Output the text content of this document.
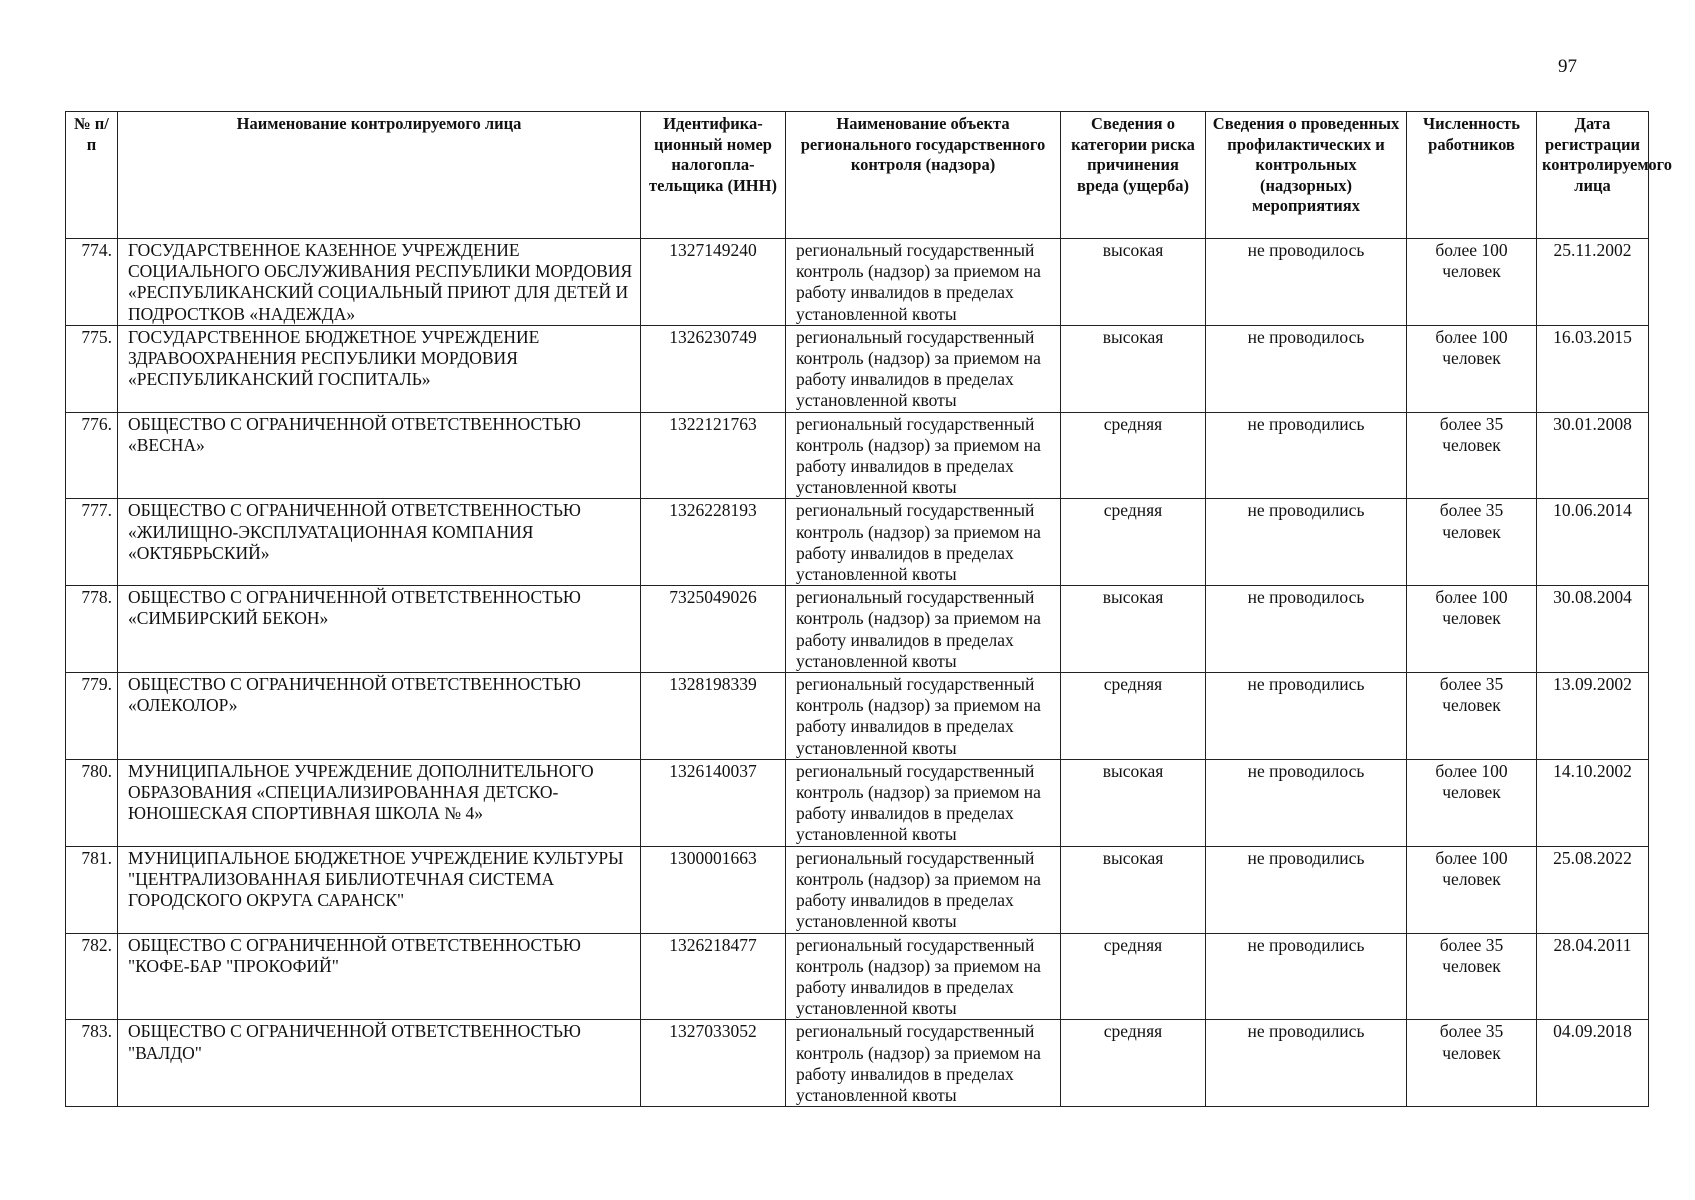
97
№ п/п	Наименование контролируемого лица	Идентифика-ционный номер налогопла-тельщика (ИНН)	Наименование объекта регионального государственного контроля (надзора)	Сведения о категории риска причинения вреда (ущерба)	Сведения о проведенных профилактических и контрольных (надзорных) мероприятиях	Численность работников	Дата регистрации контролируемого лица
774.	ГОСУДАРСТВЕННОЕ КАЗЕННОЕ УЧРЕЖДЕНИЕ СОЦИАЛЬНОГО ОБСЛУЖИВАНИЯ РЕСПУБЛИКИ МОРДОВИЯ «РЕСПУБЛИКАНСКИЙ СОЦИАЛЬНЫЙ ПРИЮТ ДЛЯ ДЕТЕЙ И ПОДРОСТКОВ «НАДЕЖДА»	1327149240	региональный государственный контроль (надзор) за приемом на работу инвалидов в пределах установленной квоты	высокая	не проводилось	более 100 человек	25.11.2002
775.	ГОСУДАРСТВЕННОЕ БЮДЖЕТНОЕ УЧРЕЖДЕНИЕ ЗДРАВООХРАНЕНИЯ РЕСПУБЛИКИ МОРДОВИЯ «РЕСПУБЛИКАНСКИЙ ГОСПИТАЛЬ»	1326230749	региональный государственный контроль (надзор) за приемом на работу инвалидов в пределах установленной квоты	высокая	не проводилось	более 100 человек	16.03.2015
776.	ОБЩЕСТВО С ОГРАНИЧЕННОЙ ОТВЕТСТВЕННОСТЬЮ «ВЕСНА»	1322121763	региональный государственный контроль (надзор) за приемом на работу инвалидов в пределах установленной квоты	средняя	не проводились	более 35 человек	30.01.2008
777.	ОБЩЕСТВО С ОГРАНИЧЕННОЙ ОТВЕТСТВЕННОСТЬЮ «ЖИЛИЩНО-ЭКСПЛУАТАЦИОННАЯ КОМПАНИЯ «ОКТЯБРЬСКИЙ»	1326228193	региональный государственный контроль (надзор) за приемом на работу инвалидов в пределах установленной квоты	средняя	не проводились	более 35 человек	10.06.2014
778.	ОБЩЕСТВО С ОГРАНИЧЕННОЙ ОТВЕТСТВЕННОСТЬЮ «СИМБИРСКИЙ БЕКОН»	7325049026	региональный государственный контроль (надзор) за приемом на работу инвалидов в пределах установленной квоты	высокая	не проводилось	более 100 человек	30.08.2004
779.	ОБЩЕСТВО С ОГРАНИЧЕННОЙ ОТВЕТСТВЕННОСТЬЮ «ОЛЕКОЛОР»	1328198339	региональный государственный контроль (надзор) за приемом на работу инвалидов в пределах установленной квоты	средняя	не проводились	более 35 человек	13.09.2002
780.	МУНИЦИПАЛЬНОЕ УЧРЕЖДЕНИЕ ДОПОЛНИТЕЛЬНОГО ОБРАЗОВАНИЯ «СПЕЦИАЛИЗИРОВАННАЯ ДЕТСКО-ЮНОШЕСКАЯ СПОРТИВНАЯ ШКОЛА № 4»	1326140037	региональный государственный контроль (надзор) за приемом на работу инвалидов в пределах установленной квоты	высокая	не проводилось	более 100 человек	14.10.2002
781.	МУНИЦИПАЛЬНОЕ БЮДЖЕТНОЕ УЧРЕЖДЕНИЕ КУЛЬТУРЫ "ЦЕНТРАЛИЗОВАННАЯ БИБЛИОТЕЧНАЯ СИСТЕМА ГОРОДСКОГО ОКРУГА САРАНСК"	1300001663	региональный государственный контроль (надзор) за приемом на работу инвалидов в пределах установленной квоты	высокая	не проводились	более 100 человек	25.08.2022
782.	ОБЩЕСТВО С ОГРАНИЧЕННОЙ ОТВЕТСТВЕННОСТЬЮ "КОФЕ-БАР "ПРОКОФИЙ"	1326218477	региональный государственный контроль (надзор) за приемом на работу инвалидов в пределах установленной квоты	средняя	не проводились	более 35 человек	28.04.2011
783.	ОБЩЕСТВО С ОГРАНИЧЕННОЙ ОТВЕТСТВЕННОСТЬЮ "ВАЛДО"	1327033052	региональный государственный контроль (надзор) за приемом на работу инвалидов в пределах установленной квоты	средняя	не проводились	более 35 человек	04.09.2018
